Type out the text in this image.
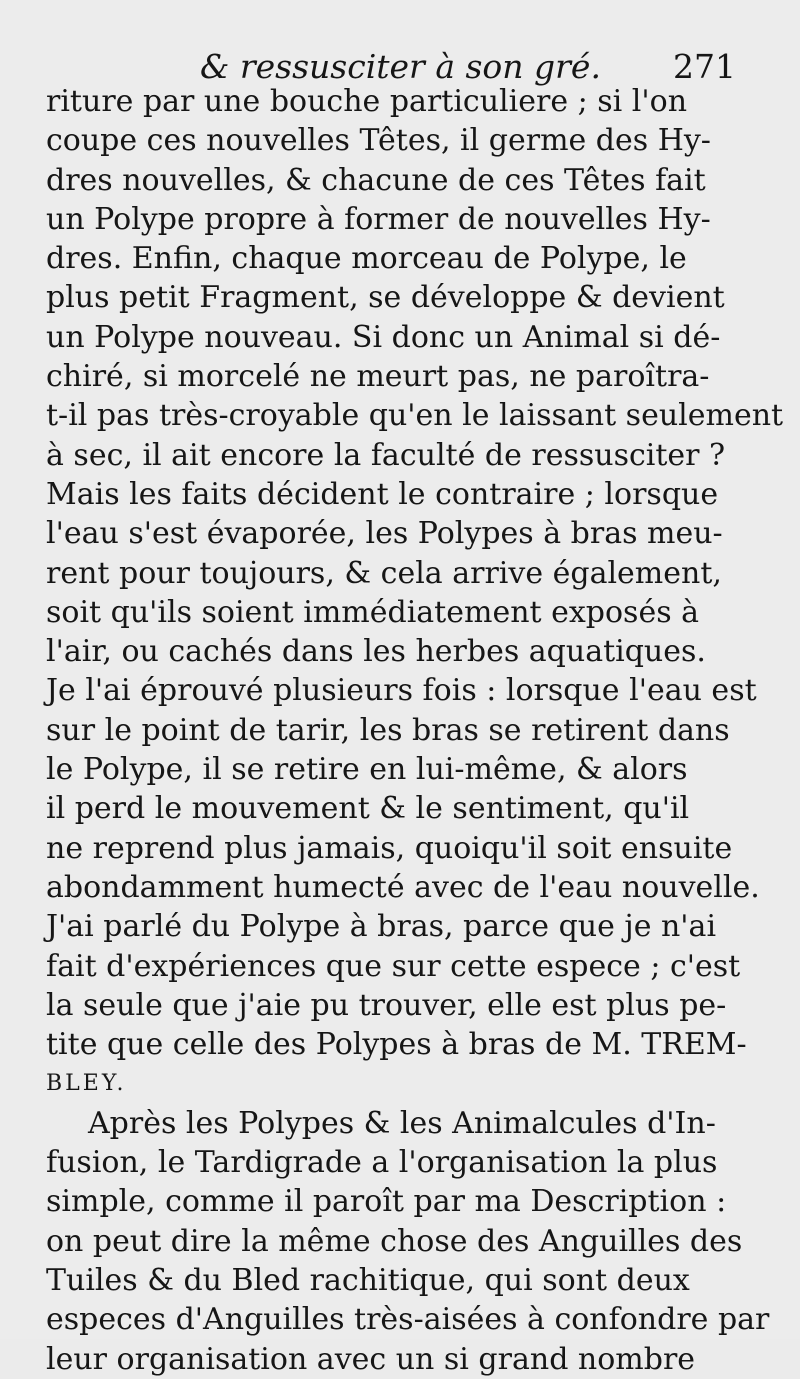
& ressusciter à son gré. 271
riture par une bouche particuliere ; si l'on
coupe ces nouvelles Têtes, il germe des Hy-
dres nouvelles, & chacune de ces Têtes fait
un Polype propre à former de nouvelles Hy-
dres. Enfin, chaque morceau de Polype, le
plus petit Fragment, se développe & devient
un Polype nouveau. Si donc un Animal si dé-
chiré, si morcelé ne meurt pas, ne paroîtra-
t-il pas très-croyable qu'en le laissant seulement
à sec, il ait encore la faculté de ressusciter ?
Mais les faits décident le contraire ; lorsque
l'eau s'est évaporée, les Polypes à bras meu-
rent pour toujours, & cela arrive également,
soit qu'ils soient immédiatement exposés à
l'air, ou cachés dans les herbes aquatiques.
Je l'ai éprouvé plusieurs fois : lorsque l'eau est
sur le point de tarir, les bras se retirent dans
le Polype, il se retire en lui-même, & alors
il perd le mouvement & le sentiment, qu'il
ne reprend plus jamais, quoiqu'il soit ensuite
abondamment humecté avec de l'eau nouvelle.
J'ai parlé du Polype à bras, parce que je n'ai
fait d'expériences que sur cette espece ; c'est
la seule que j'aie pu trouver, elle est plus pe-
tite que celle des Polypes à bras de M. TREM-
BLEY.
Après les Polypes & les Animalcules d'In-
fusion, le Tardigrade a l'organisation la plus
simple, comme il paroît par ma Description :
on peut dire la même chose des Anguilles des
Tuiles & du Bled rachitique, qui sont deux
especes d'Anguilles très-aisées à confondre par
leur organisation avec un si grand nombre
